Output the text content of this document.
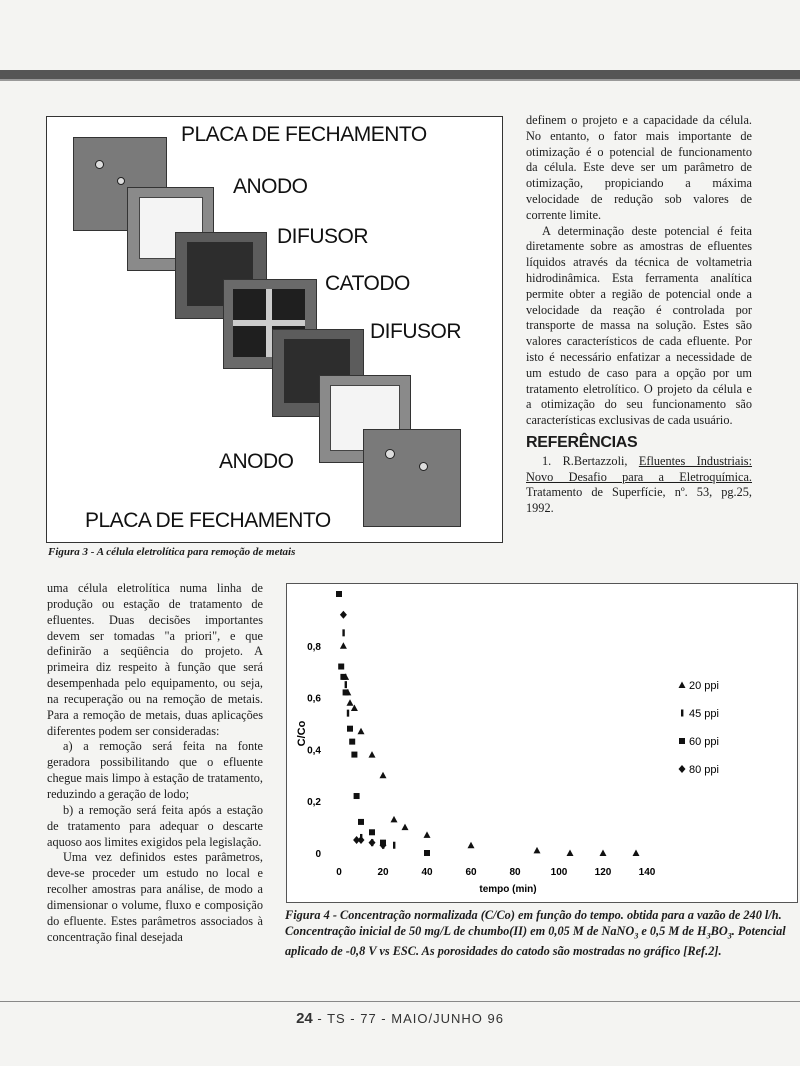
PLACA DE FECHAMENTO
ANODO
DIFUSOR
CATODO
DIFUSOR
ANODO
PLACA DE FECHAMENTO
Figura 3 - A célula eletrolítica para remoção de metais

definem o projeto e a capacidade da célula. No entanto, o fator mais importante de otimização é o potencial de funcionamento da célula. Este deve ser um parâmetro de otimização, propiciando a máxima velocidade de redução sob valores de corrente limite.

A determinação deste potencial é feita diretamente sobre as amostras de efluentes líquidos através da técnica de voltametria hidrodinâmica. Esta ferramenta analítica permite obter a região de potencial onde a velocidade da reação é controlada por transporte de massa na solução. Estes são valores característicos de cada efluente. Por isto é necessário enfatizar a necessidade de um estudo de caso para a opção por um tratamento eletrolítico. O projeto da célula e a otimização do seu funcionamento são características exclusivas de cada usuário.

REFERÊNCIAS

1. R.Bertazzoli, Efluentes Industriais: Novo Desafio para a Eletroquímica. Tratamento de Superfície, nº. 53, pg.25, 1992.

uma célula eletrolítica numa linha de produção ou estação de tratamento de efluentes. Duas decisões importantes devem ser tomadas "a priori", e que definirão a seqüência do projeto. A primeira diz respeito à função que será desempenhada pelo equipamento, ou seja, na recuperação ou na remoção de metais. Para a remoção de metais, duas aplicações diferentes podem ser consideradas:

a) a remoção será feita na fonte geradora possibilitando que o efluente chegue mais limpo à estação de tratamento, reduzindo a geração de lodo;

b) a remoção será feita após a estação de tratamento para adequar o descarte aquoso aos limites exigidos pela legislação.

Uma vez definidos estes parâmetros, deve-se proceder um estudo no local e recolher amostras para análise, de modo a dimensionar o volume, fluxo e composição do efluente. Estes parâmetros associados à concentração final desejada

0	20	40	60	80	100	120	140
0
0,2
0,4
0,6
0,8
tempo (min)
C/Co
20 ppi
45 ppi
60 ppi
80 ppi
Figura 4 - Concentração normalizada (C/Co) em função do tempo. obtida para a vazão de 240 l/h. Concentração inicial de 50 mg/L de chumbo(II) em 0,05 M de NaNO$_3$ e 0,5 M de $H_3BO_3$. Potencial aplicado de -0,8 V vs ESC. As porosidades do catodo são mostradas no gráfico [Ref.2].
24 - TS - 77 - MAIO/JUNHO 96
